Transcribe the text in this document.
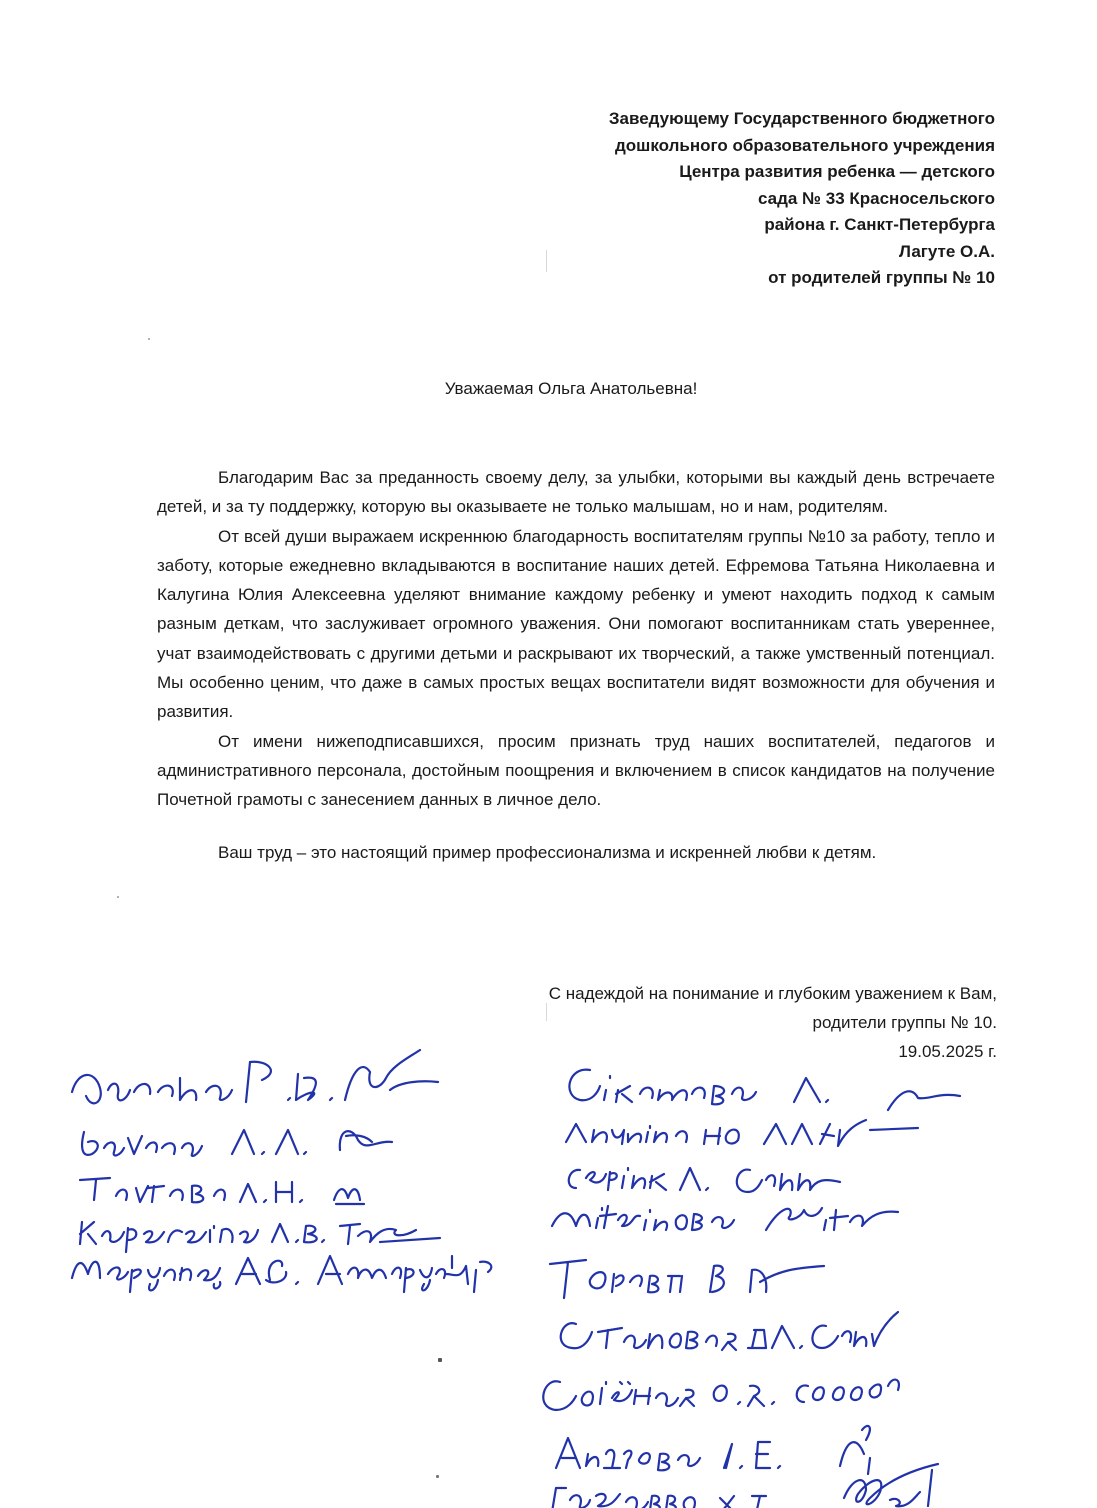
Заведующему Государственного бюджетного
дошкольного образовательного учреждения
Центра развития ребенка — детского
сада № 33 Красносельского
района г. Санкт-Петербурга
Лагуте О.А.
от родителей группы № 10
Уважаемая Ольга Анатольевна!

Благодарим Вас за преданность своему делу, за улыбки, которыми вы каждый день встречаете детей, и за ту поддержку, которую вы оказываете не только малышам, но и нам, родителям.

От всей души выражаем искреннюю благодарность воспитателям группы №10 за работу, тепло и заботу, которые ежедневно вкладываются в воспитание наших детей. Ефремова Татьяна Николаевна и Калугина Юлия Алексеевна уделяют внимание каждому ребенку и умеют находить подход к самым разным деткам, что заслуживает огромного уважения. Они помогают воспитанникам стать увереннее, учат взаимодействовать с другими детьми и раскрывают их творческий, а также умственный потенциал. Мы особенно ценим, что даже в самых простых вещах воспитатели видят возможности для обучения и развития.

От имени нижеподписавшихся, просим признать труд наших воспитателей, педагогов и административного персонала, достойным поощрения и включением в список кандидатов на получение Почетной грамоты с занесением данных в личное дело.

Ваш труд – это настоящий пример профессионализма и искренней любви к детям.

С надеждой на понимание и глубоким уважением к Вам,
родители группы № 10.
19.05.2025 г.
